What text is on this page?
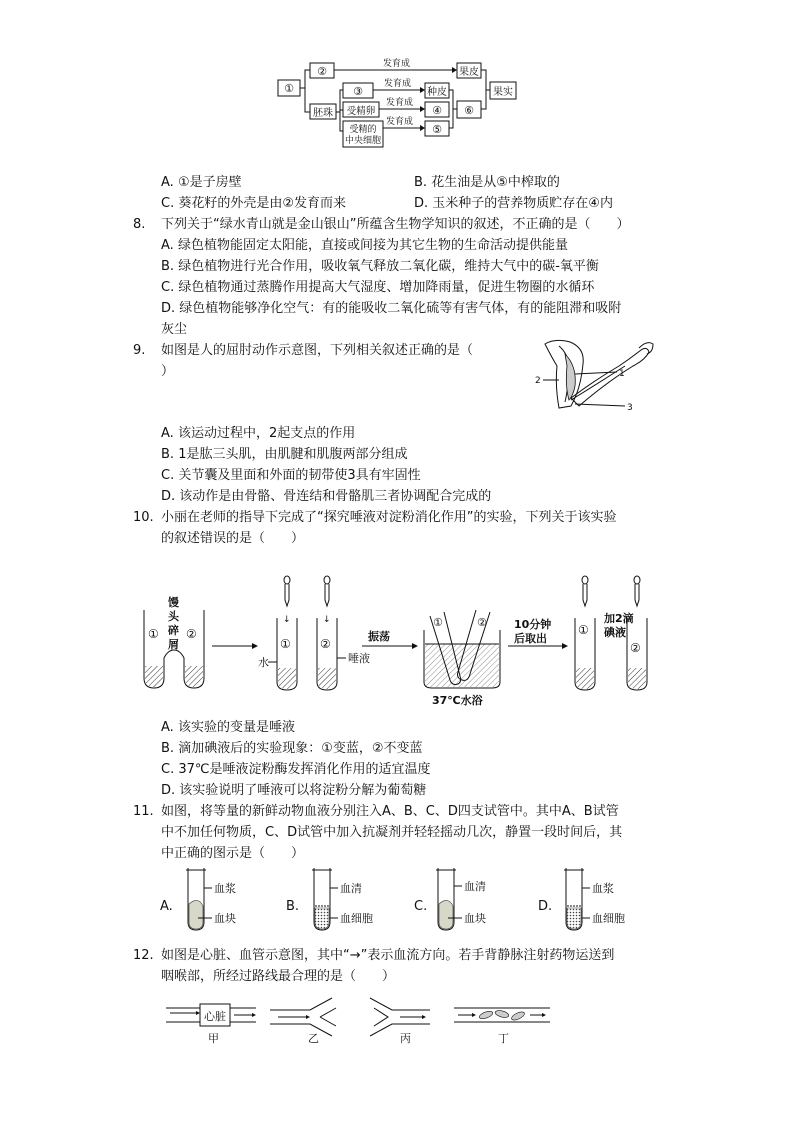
①
②
发育成
果皮
胚珠
③
受精卵
受精的
中央细胞
发育成
发育成
发育成
种皮
④
⑤
⑥
果实
A. ①是子房壁	B. 花生油是从⑤中榨取的
C. 葵花籽的外壳是由②发育而来	D. 玉米种子的营养物质贮存在④内
8. 下列关于“绿水青山就是金山银山”所蕴含生物学知识的叙述，不正确的是（　　）
A. 绿色植物能固定太阳能，直接或间接为其它生物的生命活动提供能量
B. 绿色植物进行光合作用，吸收氧气释放二氧化碳，维持大气中的碳-氧平衡
C. 绿色植物通过蒸腾作用提高大气湿度、增加降雨量，促进生物圈的水循环
D. 绿色植物能够净化空气：有的能吸收二氧化硫等有害气体，有的能阻滞和吸附
灰尘
9. 如图是人的屈肘动作示意图，下列相关叙述正确的是（
）	1
2
3
A. 该运动过程中，2起支点的作用
B. 1是肱三头肌，由肌腱和肌腹两部分组成
C. 关节囊及里面和外面的韧带使3具有牢固性
D. 该动作是由骨骼、骨连结和骨骼肌三者协调配合完成的
10. 小丽在老师的指导下完成了“探究唾液对淀粉消化作用”的实验，下列关于该实验
的叙述错误的是（　　）
① ②
馒
头
碎
屑	①
↓
水
②
↓
唾液
振荡
①	②
37℃水浴
10分钟
后取出
①
②
加2滴
碘液
A. 该实验的变量是唾液
B. 滴加碘液后的实验现象：①变蓝，②不变蓝
C. 37℃是唾液淀粉酶发挥消化作用的适宜温度
D. 该实验说明了唾液可以将淀粉分解为葡萄糖
11. 如图，将等量的新鲜动物血液分别注入A、B、C、D四支试管中。其中A、B试管
中不加任何物质，C、D试管中加入抗凝剂并轻轻摇动几次，静置一段时间后，其
中正确的图示是（　　）
A.
血浆
血块
B.
血清
血细胞
C.
血清
血块
D.
血浆
血细胞
12. 如图是心脏、血管示意图，其中“→”表示血流方向。若手背静脉注射药物运送到
咽喉部，所经过路线最合理的是（　　）
心脏
甲	乙	丙	丁
